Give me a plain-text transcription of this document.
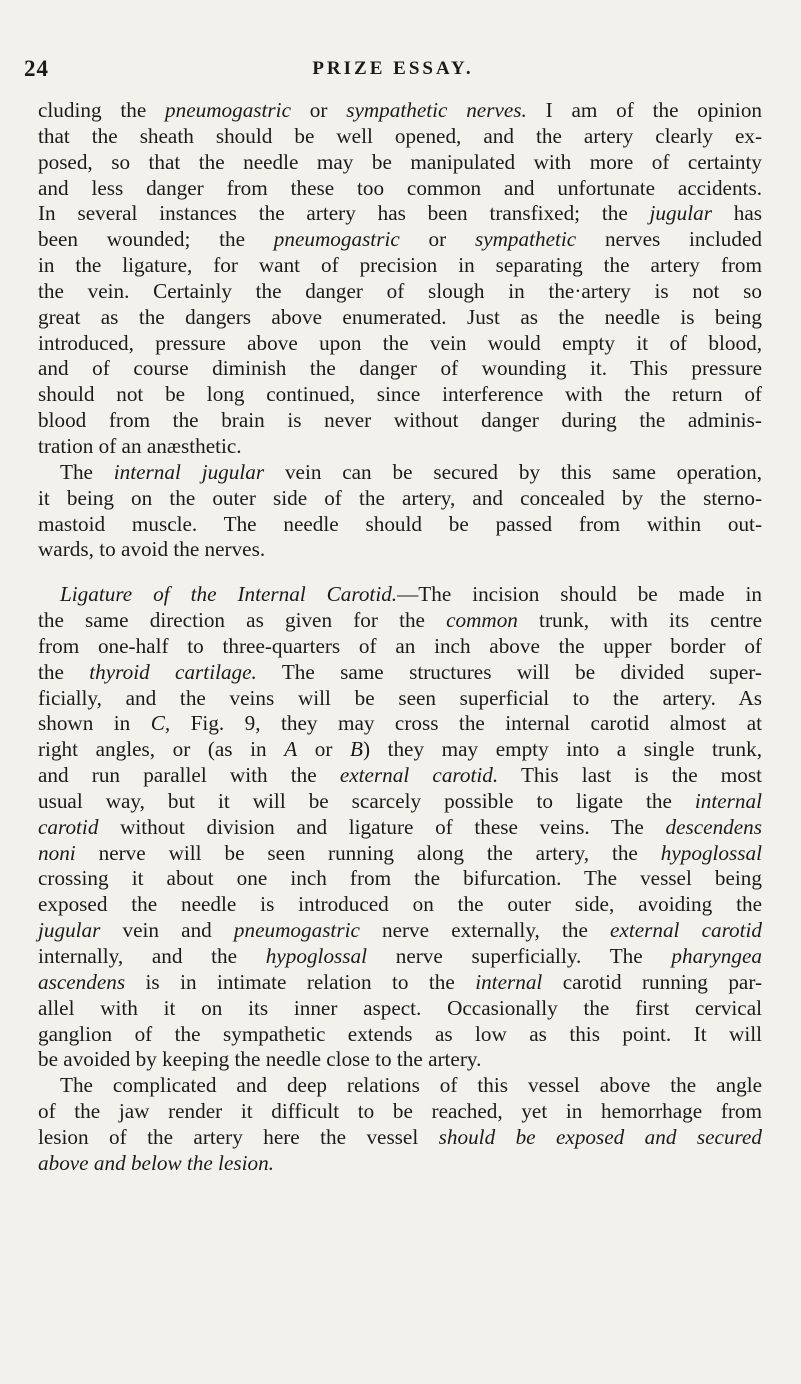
24	PRIZE ESSAY.
cluding the pneumogastric or sympathetic nerves. I am of the opinion
that the sheath should be well opened, and the artery clearly ex-
posed, so that the needle may be manipulated with more of certainty
and less danger from these too common and unfortunate accidents.
In several instances the artery has been transfixed; the jugular has
been wounded; the pneumogastric or sympathetic nerves included
in the ligature, for want of precision in separating the artery from
the vein. Certainly the danger of slough in the·artery is not so
great as the dangers above enumerated. Just as the needle is being
introduced, pressure above upon the vein would empty it of blood,
and of course diminish the danger of wounding it. This pressure
should not be long continued, since interference with the return of
blood from the brain is never without danger during the adminis-
tration of an anæsthetic.
The internal jugular vein can be secured by this same operation,
it being on the outer side of the artery, and concealed by the sterno-
mastoid muscle. The needle should be passed from within out-
wards, to avoid the nerves.
Ligature of the Internal Carotid.—The incision should be made in
the same direction as given for the common trunk, with its centre
from one-half to three-quarters of an inch above the upper border of
the thyroid cartilage. The same structures will be divided super-
ficially, and the veins will be seen superficial to the artery. As
shown in C, Fig. 9, they may cross the internal carotid almost at
right angles, or (as in A or B) they may empty into a single trunk,
and run parallel with the external carotid. This last is the most
usual way, but it will be scarcely possible to ligate the internal
carotid without division and ligature of these veins. The descendens
noni nerve will be seen running along the artery, the hypoglossal
crossing it about one inch from the bifurcation. The vessel being
exposed the needle is introduced on the outer side, avoiding the
jugular vein and pneumogastric nerve externally, the external carotid
internally, and the hypoglossal nerve superficially. The pharyngea
ascendens is in intimate relation to the internal carotid running par-
allel with it on its inner aspect. Occasionally the first cervical
ganglion of the sympathetic extends as low as this point. It will
be avoided by keeping the needle close to the artery.
The complicated and deep relations of this vessel above the angle
of the jaw render it difficult to be reached, yet in hemorrhage from
lesion of the artery here the vessel should be exposed and secured
above and below the lesion.
